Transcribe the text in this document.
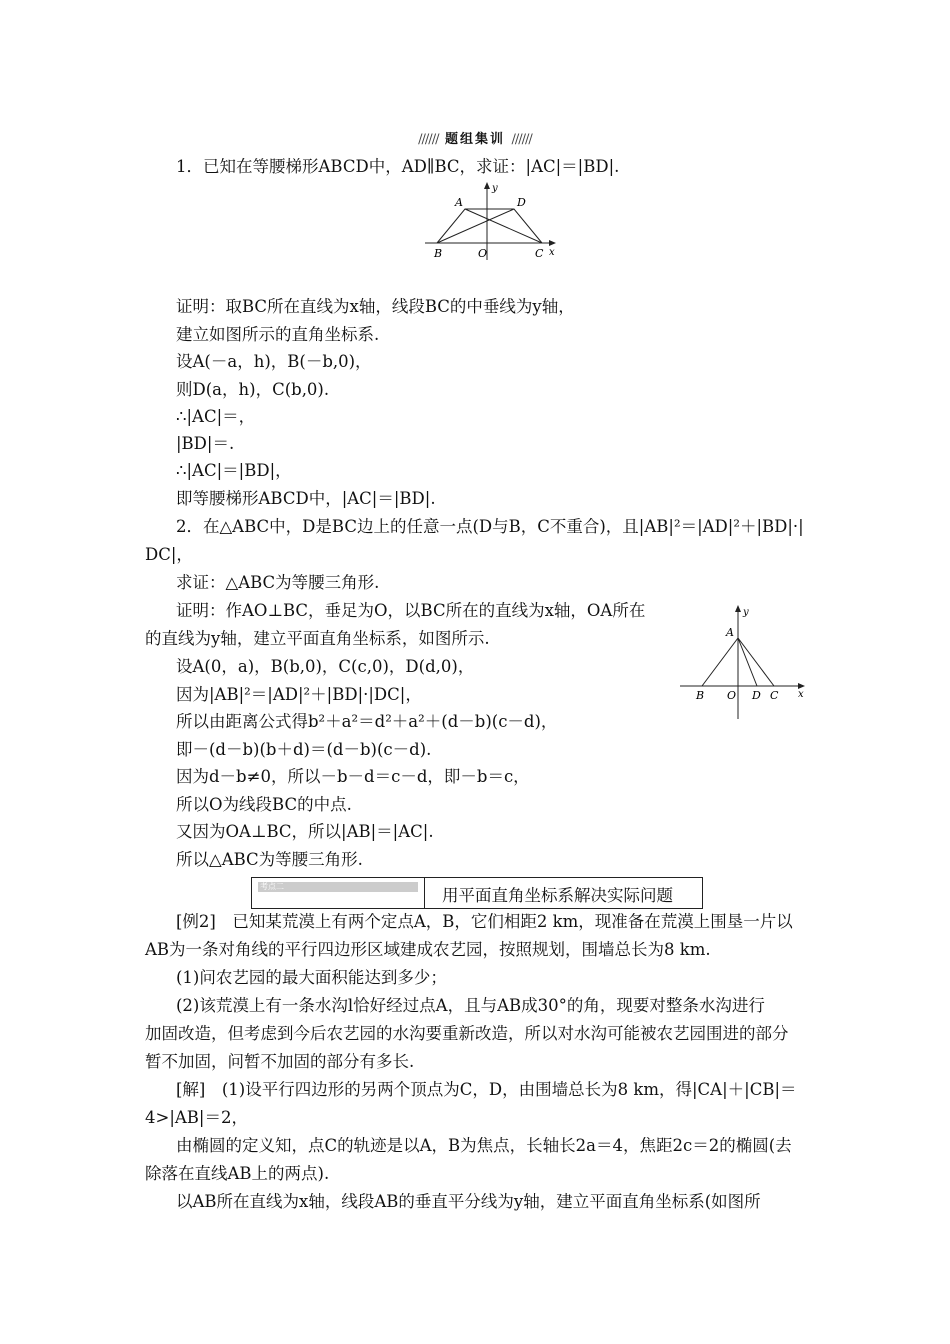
////// 题组集训 //////
1．已知在等腰梯形ABCD中，AD∥BC，求证：|AC|＝|BD|.
A	D
B	O	C x
y
证明：取BC所在直线为x轴，线段BC的中垂线为y轴，
建立如图所示的直角坐标系.
设A(－a，h)，B(－b,0)，
则D(a，h)，C(b,0).
∴|AC|＝，
|BD|＝.
∴|AC|＝|BD|，
即等腰梯形ABCD中，|AC|＝|BD|.
2．在△ABC中，D是BC边上的任意一点(D与B，C不重合)，且|AB|²＝|AD|²＋|BD|·|
DC|，
求证：△ABC为等腰三角形.
证明：作AO⊥BC，垂足为O，以BC所在的直线为x轴，OA所在
的直线为y轴，建立平面直角坐标系，如图所示.
设A(0，a)，B(b,0)，C(c,0)，D(d,0)，
因为|AB|²＝|AD|²＋|BD|·|DC|，
所以由距离公式得b²＋a²＝d²＋a²＋(d－b)(c－d)，
即－(d－b)(b＋d)＝(d－b)(c－d).
因为d－b≠0，所以－b－d＝c－d，即－b＝c，
所以O为线段BC的中点.
又因为OA⊥BC，所以|AB|＝|AC|.
所以△ABC为等腰三角形.
A
B O D C x
y
考点二	用平面直角坐标系解决实际问题
[例2]　已知某荒漠上有两个定点A，B，它们相距2 km，现准备在荒漠上围垦一片以
AB为一条对角线的平行四边形区域建成农艺园，按照规划，围墙总长为8 km.
(1)问农艺园的最大面积能达到多少；
(2)该荒漠上有一条水沟l恰好经过点A，且与AB成30°的角，现要对整条水沟进行
加固改造，但考虑到今后农艺园的水沟要重新改造，所以对水沟可能被农艺园围进的部分
暂不加固，问暂不加固的部分有多长.
[解]　(1)设平行四边形的另两个顶点为C，D，由围墙总长为8 km，得|CA|＋|CB|＝
4>|AB|＝2，
由椭圆的定义知，点C的轨迹是以A，B为焦点，长轴长2a＝4，焦距2c＝2的椭圆(去
除落在直线AB上的两点).
以AB所在直线为x轴，线段AB的垂直平分线为y轴，建立平面直角坐标系(如图所
